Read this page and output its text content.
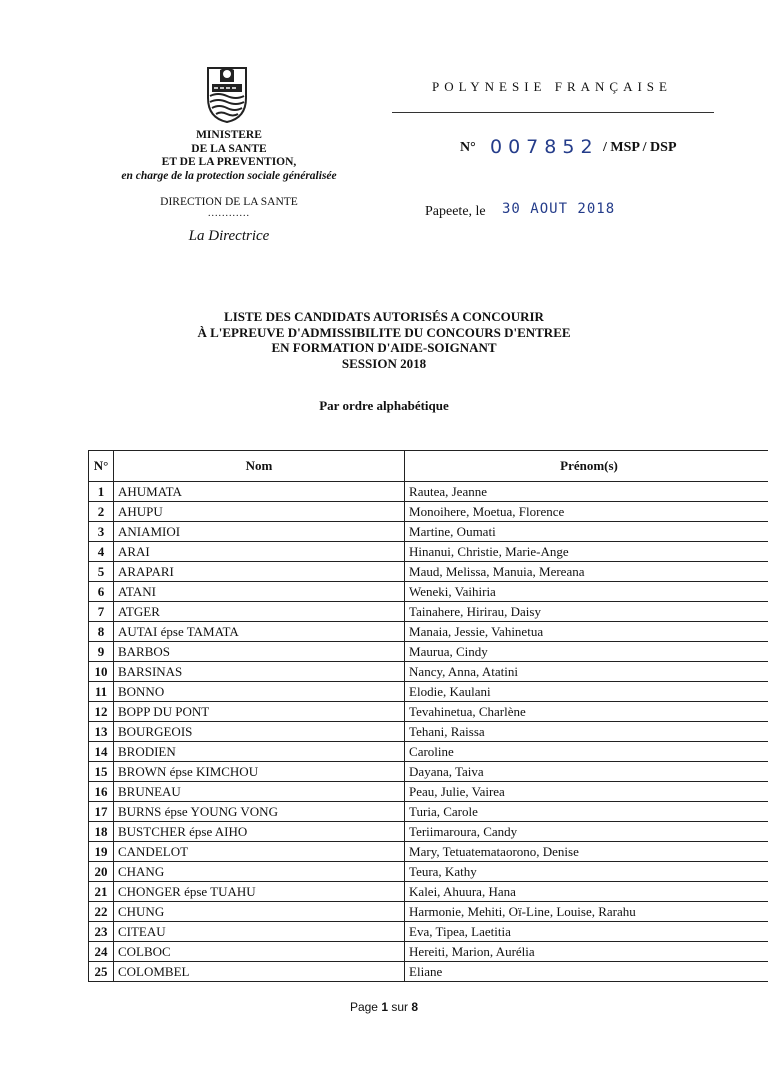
MINISTERE
DE LA SANTE
ET DE LA PREVENTION,
en charge de la protection sociale généralisée
DIRECTION DE LA SANTE
............
La Directrice
POLYNESIE FRANÇAISE
N° 007852 / MSP / DSP
Papeete, le 30 AOUT 2018
LISTE DES CANDIDATS AUTORISÉS A CONCOURIR
À L'EPREUVE D'ADMISSIBILITE DU CONCOURS D'ENTREE
EN FORMATION D'AIDE-SOIGNANT
SESSION 2018
Par ordre alphabétique
N°	Nom	Prénom(s)
1	AHUMATA	Rautea, Jeanne
2	AHUPU	Monoihere, Moetua, Florence
3	ANIAMIOI	Martine, Oumati
4	ARAI	Hinanui, Christie, Marie-Ange
5	ARAPARI	Maud, Melissa, Manuia, Mereana
6	ATANI	Weneki, Vaihiria
7	ATGER	Tainahere, Hirirau, Daisy
8	AUTAI épse TAMATA	Manaia, Jessie, Vahinetua
9	BARBOS	Maurua, Cindy
10	BARSINAS	Nancy, Anna, Atatini
11	BONNO	Elodie, Kaulani
12	BOPP DU PONT	Tevahinetua, Charlène
13	BOURGEOIS	Tehani, Raissa
14	BRODIEN	Caroline
15	BROWN épse KIMCHOU	Dayana, Taiva
16	BRUNEAU	Peau, Julie, Vairea
17	BURNS épse YOUNG VONG	Turia, Carole
18	BUSTCHER épse AIHO	Teriimaroura, Candy
19	CANDELOT	Mary, Tetuatemataorono, Denise
20	CHANG	Teura, Kathy
21	CHONGER épse TUAHU	Kalei, Ahuura, Hana
22	CHUNG	Harmonie, Mehiti, Oï-Line, Louise, Rarahu
23	CITEAU	Eva, Tipea, Laetitia
24	COLBOC	Hereiti, Marion, Aurélia
25	COLOMBEL	Eliane
Page 1 sur 8
